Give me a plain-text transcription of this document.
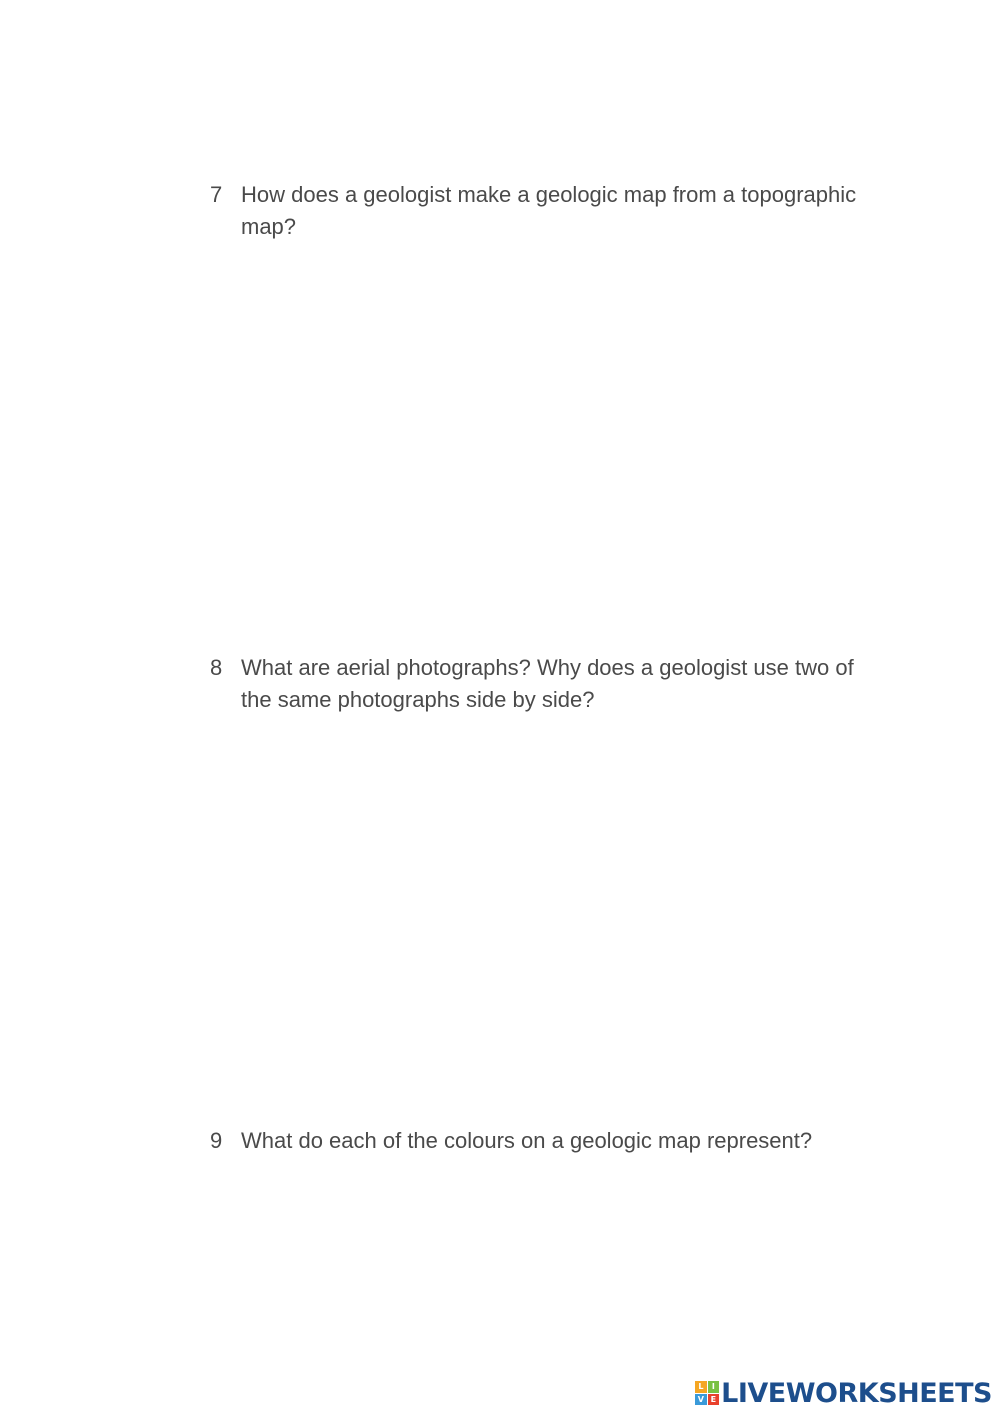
7 How does a geologist make a geologic map from a topographic map?
8 What are aerial photographs? Why does a geologist use two of the same photographs side by side?
9 What do each of the colours on a geologic map represent?
L	I
V E LIVEWORKSHEETS
